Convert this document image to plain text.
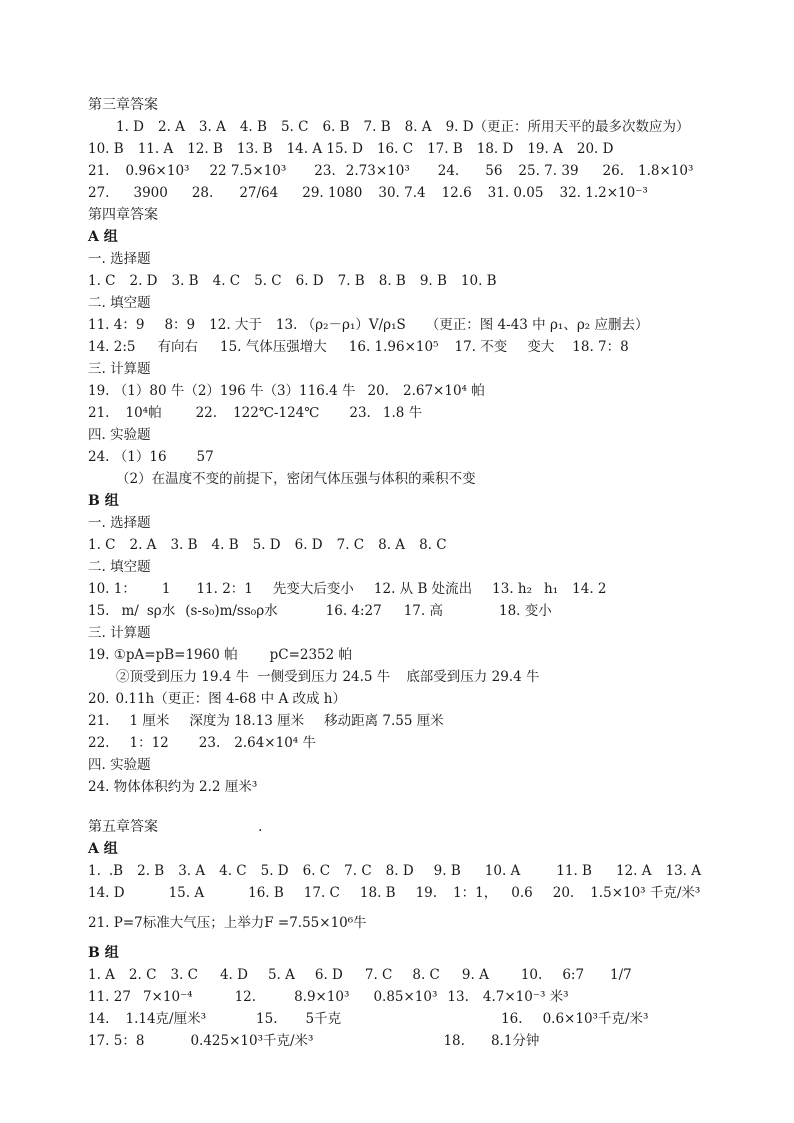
第三章答案
1. D 2. A 3. A 4. B 5. C 6. B 7. B 8. A 9. D（更正：所用天平的最多次数应为）
10. B 11. A 12. B 13. B 14. A 15. D 16. C 17. B 18. D 19. A 20. D
21. 0.96×10³ 22 7.5×10³ 23. 2.73×10³ 24. 56 25. 7. 39 26. 1.8×10³
27. 3900 28. 27/64 29. 1080 30. 7.4 12.6 31. 0.05 32. 1.2×10⁻³
第四章答案
A 组
一. 选择题
1. C 2. D 3. B 4. C 5. C 6. D 7. B 8. B 9. B 10. B
二. 填空题
11. 4：9 8：9 12. 大于 13. （ρ₂－ρ₁）V/ρ₁S （更正：图 4-43 中 ρ₁、ρ₂ 应删去）
14. 2:5 有向右 15. 气体压强增大 16. 1.96×10⁵ 17. 不变 变大 18. 7：8
三. 计算题
19. （1）80 牛（2）196 牛（3）116.4 牛 20. 2.67×10⁴ 帕
21. 10⁴帕	22. 122℃-124℃ 23. 1.8 牛
四. 实验题
24. （1）16 57
（2）在温度不变的前提下，密闭气体压强与体积的乘积不变
B 组
一. 选择题
1. C 2. A 3. B 4. B 5. D 6. D 7. C 8. A 8. C
二. 填空题
10. 1： 1 11. 2：1 先变大后变小 12. 从 B 处流出 13. h₂ h₁ 14. 2
15. m/ sρ水 (s-s₀)m/ss₀ρ水	16. 4:27 17. 高	18. 变小
三. 计算题
19. ①pA=pB=1960 帕 pC=2352 帕
②顶受到压力 19.4 牛 一侧受到压力 24.5 牛 底部受到压力 29.4 牛
20. 0.11h（更正：图 4-68 中 A 改成 h）
21. 1 厘米 深度为 18.13 厘米 移动距离 7.55 厘米
22. 1：12 23. 2.64×10⁴ 牛
四. 实验题
24. 物体体积约为 2.2 厘米³
第五章答案	.
A 组
1. .B 2. B 3. A 4. C 5. D 6. C 7. C 8. D 9. B 10. A	11. B 12. A 13. A
14. D	15. A	16. B 17. C 18. B 19. 1：1， 0.6 20. 1.5×10³ 千克/米³
21. P=7标准大气压；上举力F =7.55×10⁶牛
B 组
1. A 2. C 3. C 4. D 5. A 6. D 7. C 8. C 9. A 10. 6:7 1/7
11. 27 7×10⁻⁴	12.	8.9×10³ 0.85×10³ 13. 4.7×10⁻³ 米³
14. 1.14克/厘米³	15. 5千克	16. 0.6×10³千克/米³
17. 5：8	0.425×10³千克/米³	18. 8.1分钟
